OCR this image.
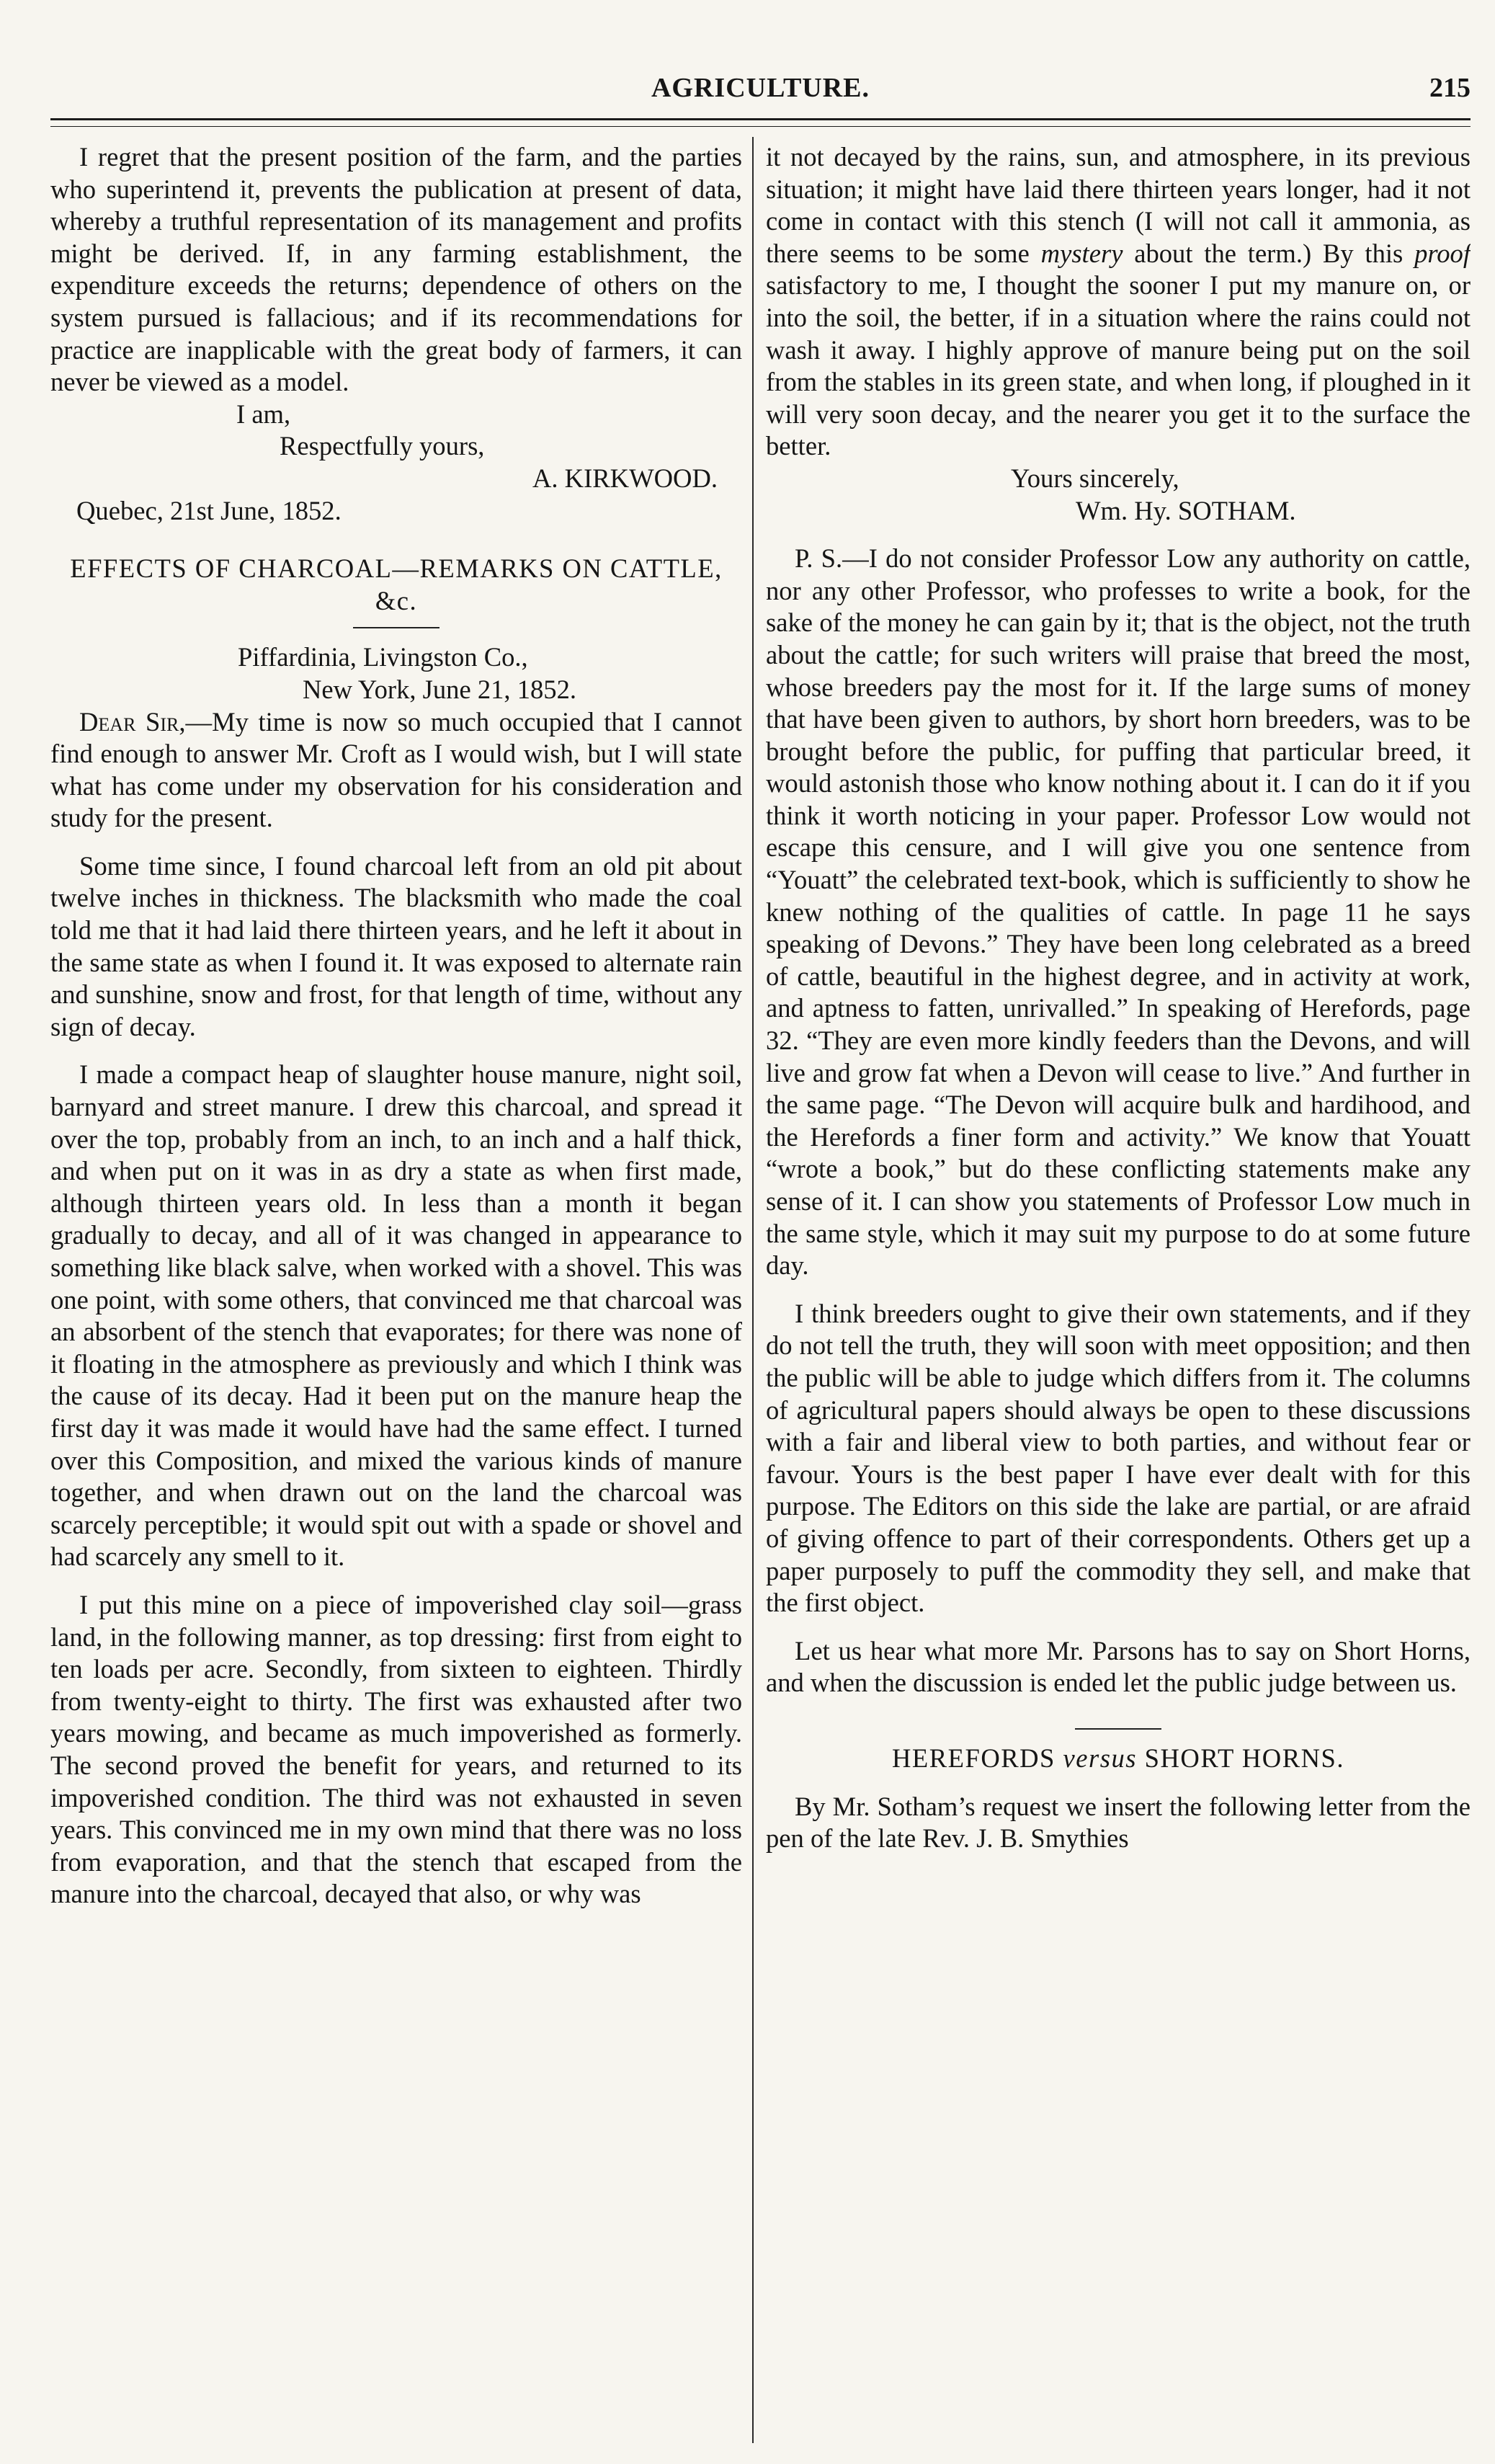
AGRICULTURE.	215

I regret that the present position of the farm, and the parties who superintend it, prevents the publication at present of data, whereby a truthful representation of its management and profits might be derived. If, in any farming establishment, the expenditure exceeds the returns; dependence of others on the system pursued is fallacious; and if its recommendations for practice are inapplicable with the great body of farmers, it can never be viewed as a model.

I am,

Respectfully yours,

A. KIRKWOOD.

Quebec, 21st June, 1852.

EFFECTS OF CHARCOAL—REMARKS ON CATTLE, &c.

Piffardinia, Livingston Co.,

New York, June 21, 1852.

Dear Sir,—My time is now so much occupied that I cannot find enough to answer Mr. Croft as I would wish, but I will state what has come under my observation for his consideration and study for the present.

Some time since, I found charcoal left from an old pit about twelve inches in thickness. The blacksmith who made the coal told me that it had laid there thirteen years, and he left it about in the same state as when I found it. It was exposed to alternate rain and sunshine, snow and frost, for that length of time, without any sign of decay.

I made a compact heap of slaughter house manure, night soil, barnyard and street manure. I drew this charcoal, and spread it over the top, probably from an inch, to an inch and a half thick, and when put on it was in as dry a state as when first made, although thirteen years old. In less than a month it began gradually to decay, and all of it was changed in appearance to something like black salve, when worked with a shovel. This was one point, with some others, that convinced me that charcoal was an absorbent of the stench that evaporates; for there was none of it floating in the atmosphere as previously and which I think was the cause of its decay. Had it been put on the manure heap the first day it was made it would have had the same effect. I turned over this Composition, and mixed the various kinds of manure together, and when drawn out on the land the charcoal was scarcely perceptible; it would spit out with a spade or shovel and had scarcely any smell to it.

I put this mine on a piece of impoverished clay soil—grass land, in the following manner, as top dressing: first from eight to ten loads per acre. Secondly, from sixteen to eighteen. Thirdly from twenty-eight to thirty. The first was exhausted after two years mowing, and became as much impoverished as formerly. The second proved the benefit for years, and returned to its impoverished condition. The third was not exhausted in seven years. This convinced me in my own mind that there was no loss from evaporation, and that the stench that escaped from the manure into the charcoal, decayed that also, or why was

it not decayed by the rains, sun, and atmosphere, in its previous situation; it might have laid there thirteen years longer, had it not come in contact with this stench (I will not call it ammonia, as there seems to be some mystery about the term.) By this proof satisfactory to me, I thought the sooner I put my manure on, or into the soil, the better, if in a situation where the rains could not wash it away. I highly approve of manure being put on the soil from the stables in its green state, and when long, if ploughed in it will very soon decay, and the nearer you get it to the surface the better.

Yours sincerely,

Wm. Hy. SOTHAM.

P. S.—I do not consider Professor Low any authority on cattle, nor any other Professor, who professes to write a book, for the sake of the money he can gain by it; that is the object, not the truth about the cattle; for such writers will praise that breed the most, whose breeders pay the most for it. If the large sums of money that have been given to authors, by short horn breeders, was to be brought before the public, for puffing that particular breed, it would astonish those who know nothing about it. I can do it if you think it worth noticing in your paper. Professor Low would not escape this censure, and I will give you one sentence from “Youatt” the celebrated text-book, which is sufficiently to show he knew nothing of the qualities of cattle. In page 11 he says speaking of Devons.” They have been long celebrated as a breed of cattle, beautiful in the highest degree, and in activity at work, and aptness to fatten, unrivalled.” In speaking of Herefords, page 32. “They are even more kindly feeders than the Devons, and will live and grow fat when a Devon will cease to live.” And further in the same page. “The Devon will acquire bulk and hardihood, and the Herefords a finer form and activity.” We know that Youatt “wrote a book,” but do these conflicting statements make any sense of it. I can show you statements of Professor Low much in the same style, which it may suit my purpose to do at some future day.

I think breeders ought to give their own statements, and if they do not tell the truth, they will soon with meet opposition; and then the public will be able to judge which differs from it. The columns of agricultural papers should always be open to these discussions with a fair and liberal view to both parties, and without fear or favour. Yours is the best paper I have ever dealt with for this purpose. The Editors on this side the lake are partial, or are afraid of giving offence to part of their correspondents. Others get up a paper purposely to puff the commodity they sell, and make that the first object.

Let us hear what more Mr. Parsons has to say on Short Horns, and when the discussion is ended let the public judge between us.

HEREFORDS versus SHORT HORNS.

By Mr. Sotham’s request we insert the following letter from the pen of the late Rev. J. B. Smythies
